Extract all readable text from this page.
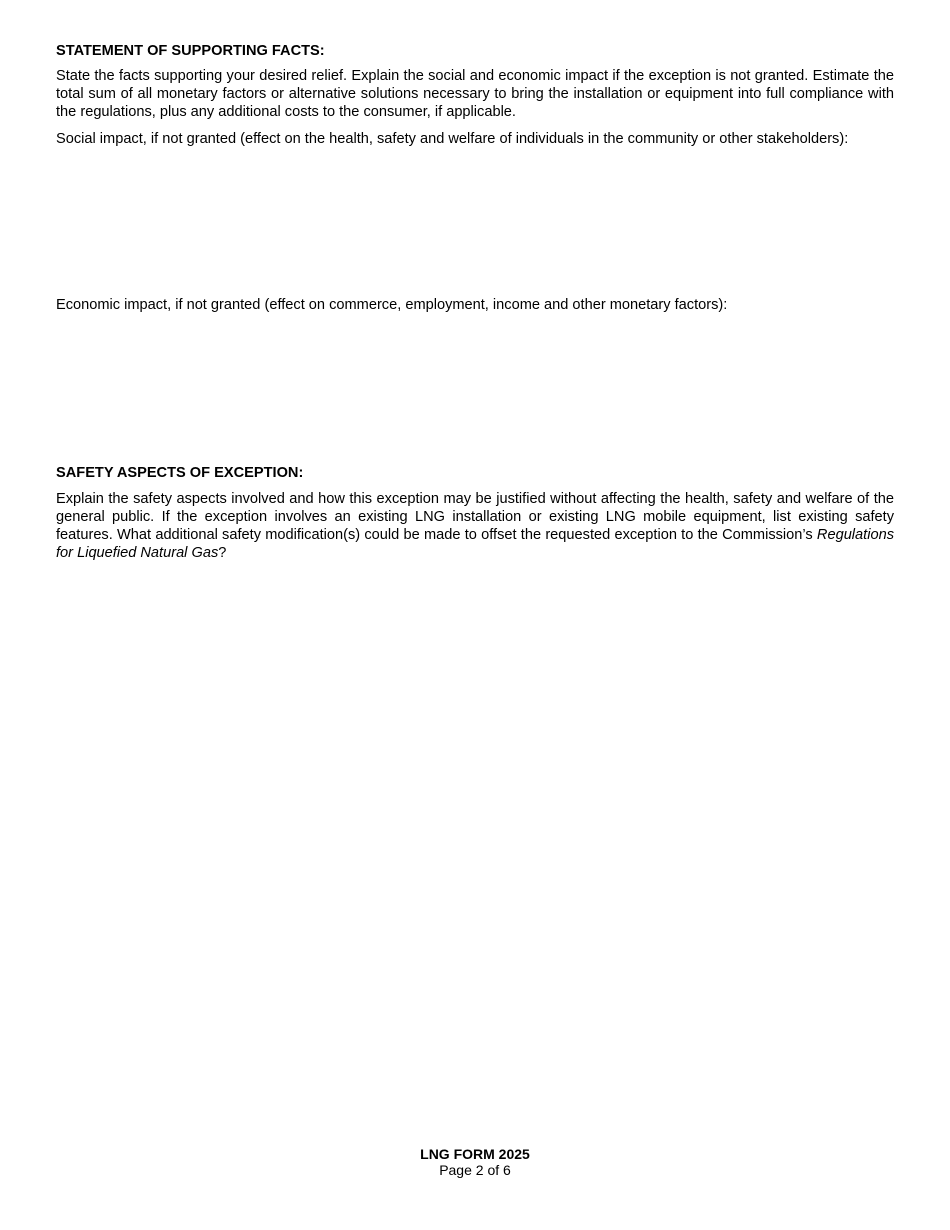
STATEMENT OF SUPPORTING FACTS:

State the facts supporting your desired relief. Explain the social and economic impact if the exception is not granted. Estimate the total sum of all monetary factors or alternative solutions necessary to bring the installation or equipment into full compliance with the regulations, plus any additional costs to the consumer, if applicable.

Social impact, if not granted (effect on the health, safety and welfare of individuals in the community or other stakeholders):

Economic impact, if not granted (effect on commerce, employment, income and other monetary factors):

SAFETY ASPECTS OF EXCEPTION:

Explain the safety aspects involved and how this exception may be justified without affecting the health, safety and welfare of the general public. If the exception involves an existing LNG installation or existing LNG mobile equipment, list existing safety features. What additional safety modification(s) could be made to offset the requested exception to the Commission’s Regulations for Liquefied Natural Gas?

LNG FORM 2025
Page 2 of 6
